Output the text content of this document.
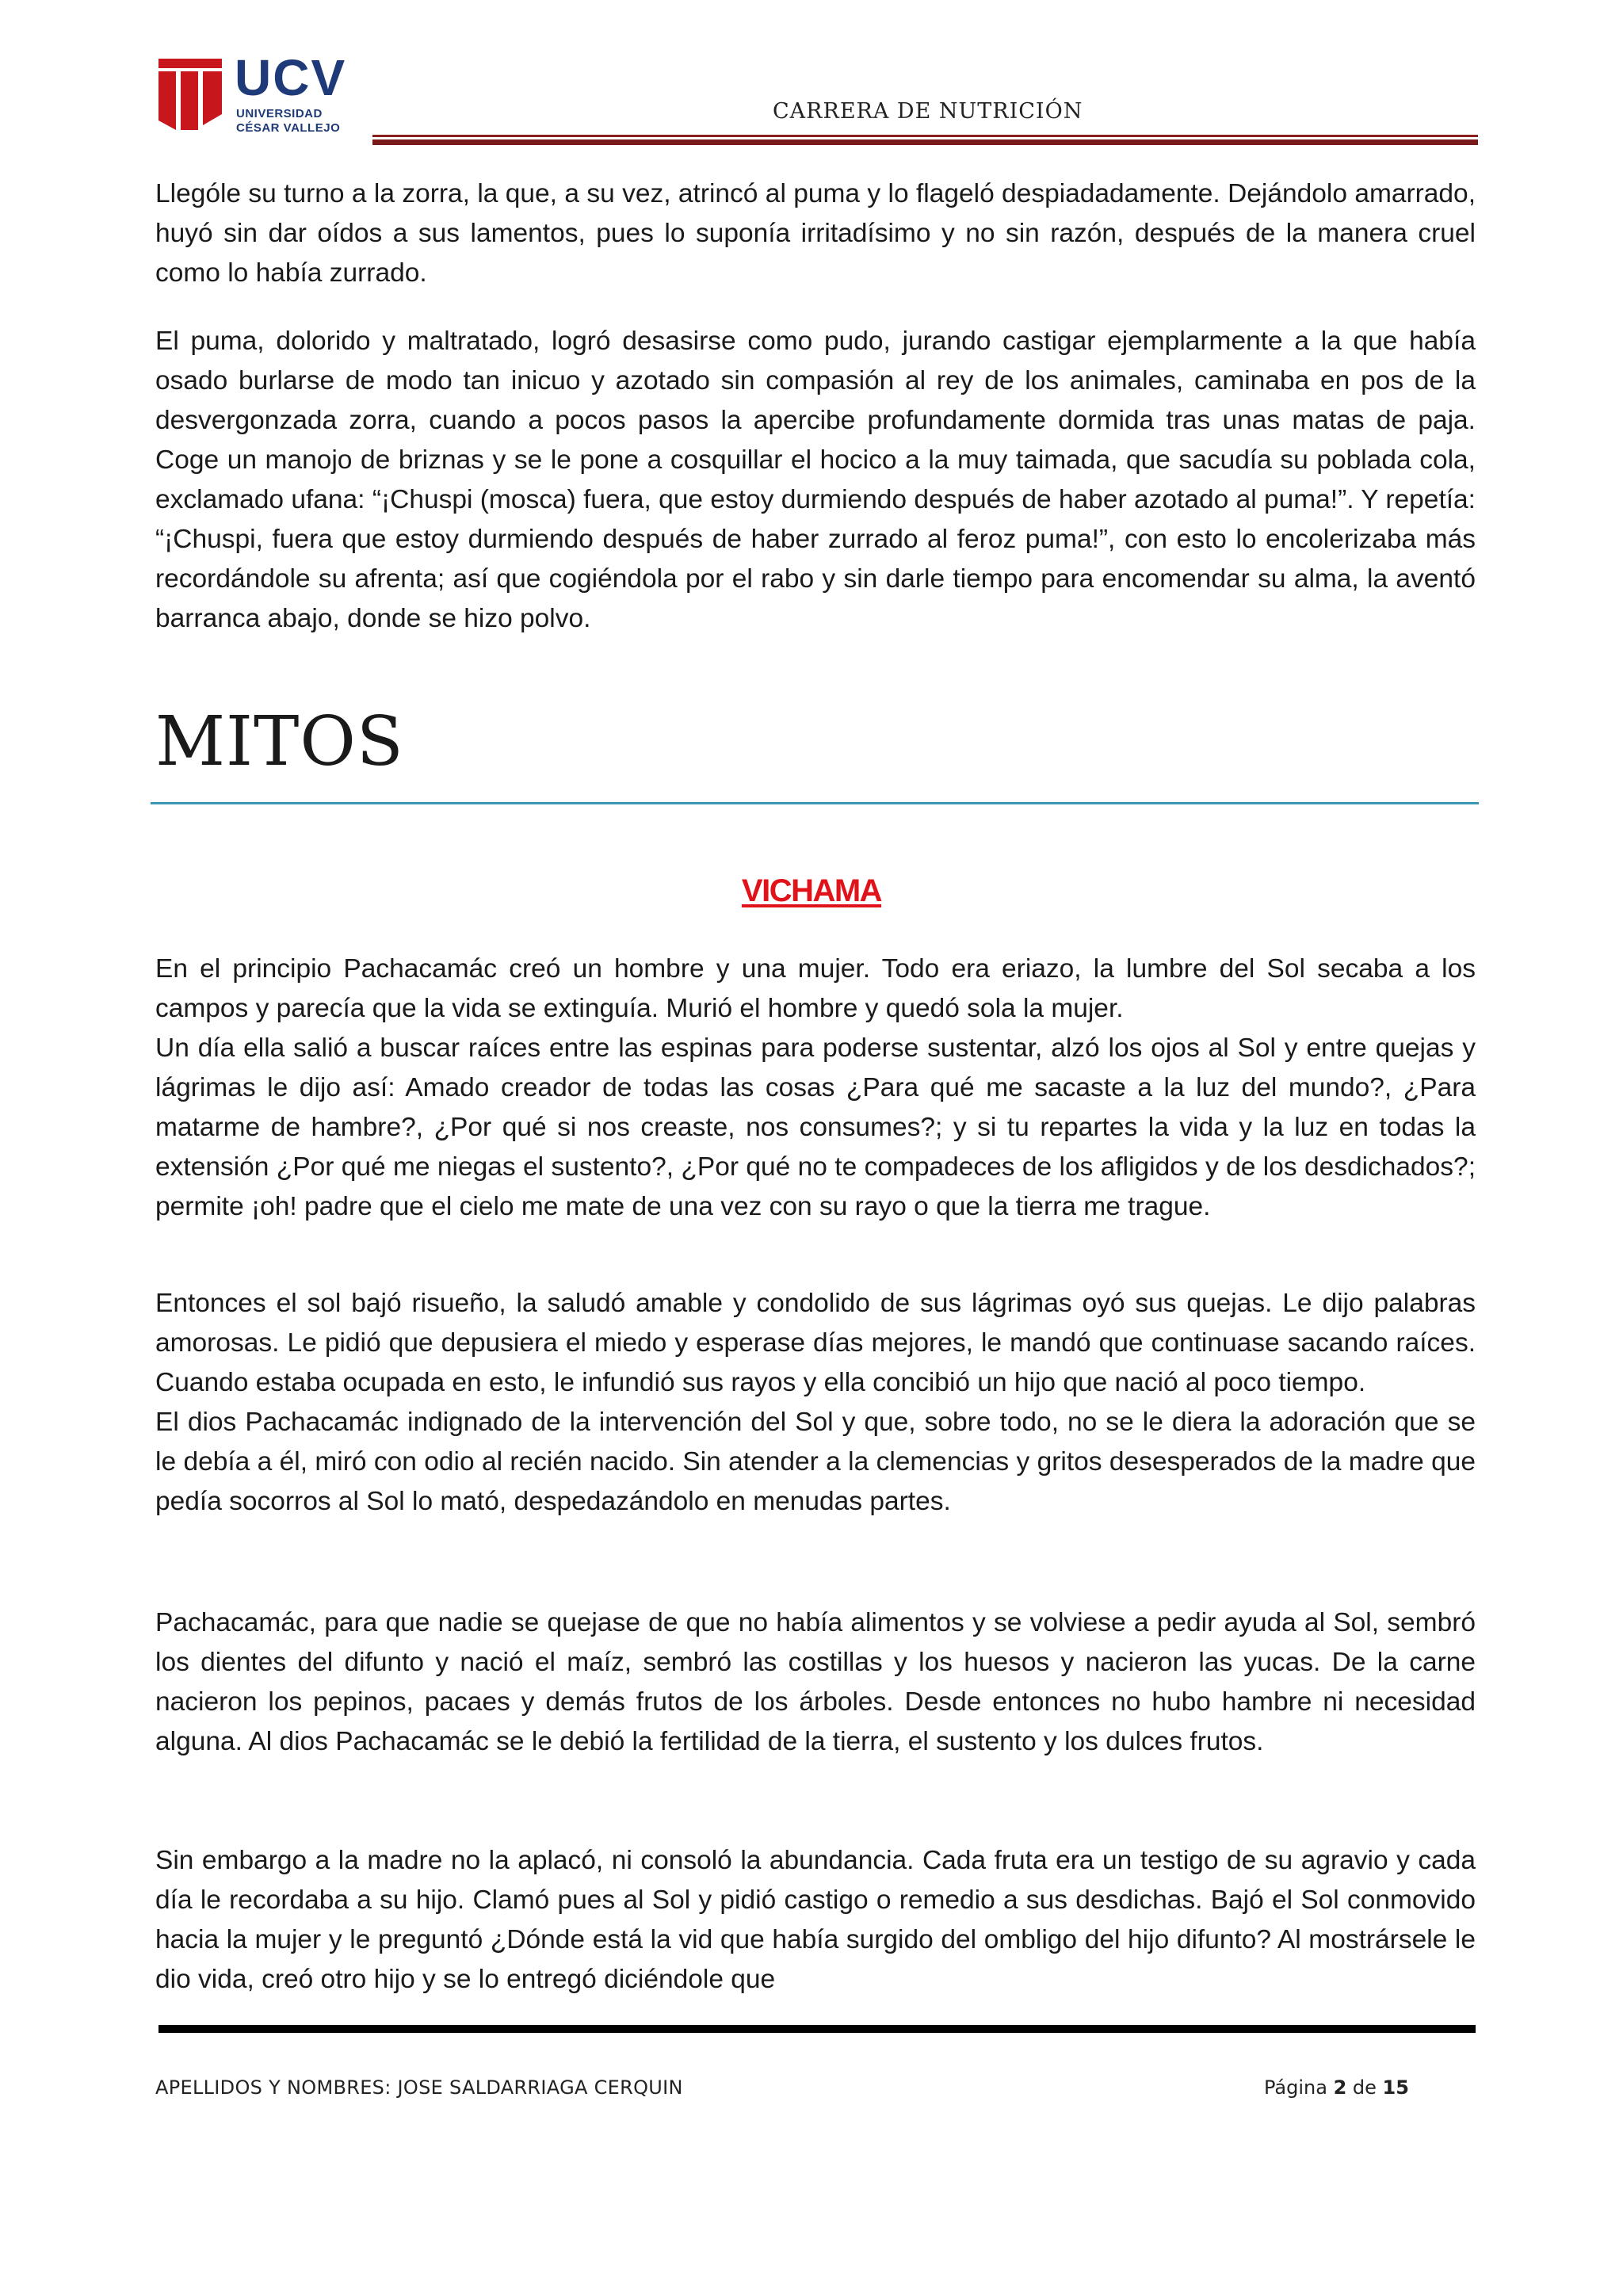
UCV
UNIVERSIDAD
CÉSAR VALLEJO
CARRERA DE NUTRICIÓN

Llególe su turno a la zorra, la que, a su vez, atrincó al puma y lo flageló despiadadamente. Dejándolo amarrado, huyó sin dar oídos a sus lamentos, pues lo suponía irritadísimo y no sin razón, después de la manera cruel como lo había zurrado.

El puma, dolorido y maltratado, logró desasirse como pudo, jurando castigar ejemplarmente a la que había osado burlarse de modo tan inicuo y azotado sin compasión al rey de los animales, caminaba en pos de la desvergonzada zorra, cuando a pocos pasos la apercibe profundamente dormida tras unas matas de paja. Coge un manojo de briznas y se le pone a cosquillar el hocico a la muy taimada, que sacudía su poblada cola, exclamado ufana: “¡Chuspi (mosca) fuera, que estoy durmiendo después de haber azotado al puma!”. Y repetía: “¡Chuspi, fuera que estoy durmiendo después de haber zurrado al feroz puma!”, con esto lo encolerizaba más recordándole su afrenta; así que cogiéndola por el rabo y sin darle tiempo para encomendar su alma, la aventó barranca abajo, donde se hizo polvo.

MITOS
VICHAMA
En el principio Pachacamác creó un hombre y una mujer. Todo era eriazo, la lumbre del Sol secaba a los campos y parecía que la vida se extinguía. Murió el hombre y quedó sola la mujer.
Un día ella salió a buscar raíces entre las espinas para poderse sustentar, alzó los ojos al Sol y entre quejas y lágrimas le dijo así: Amado creador de todas las cosas ¿Para qué me sacaste a la luz del mundo?, ¿Para matarme de hambre?, ¿Por qué si nos creaste, nos consumes?; y si tu repartes la vida y la luz en todas la extensión ¿Por qué me niegas el sustento?, ¿Por qué no te compadeces de los afligidos y de los desdichados?; permite ¡oh! padre que el cielo me mate de una vez con su rayo o que la tierra me trague.
Entonces el sol bajó risueño, la saludó amable y condolido de sus lágrimas oyó sus quejas. Le dijo palabras amorosas. Le pidió que depusiera el miedo y esperase días mejores, le mandó que continuase sacando raíces. Cuando estaba ocupada en esto, le infundió sus rayos y ella concibió un hijo que nació al poco tiempo.
El dios Pachacamác indignado de la intervención del Sol y que, sobre todo, no se le diera la adoración que se le debía a él, miró con odio al recién nacido. Sin atender a la clemencias y gritos desesperados de la madre que pedía socorros al Sol lo mató, despedazándolo en menudas partes.

Pachacamác, para que nadie se quejase de que no había alimentos y se volviese a pedir ayuda al Sol, sembró los dientes del difunto y nació el maíz, sembró las costillas y los huesos y nacieron las yucas. De la carne nacieron los pepinos, pacaes y demás frutos de los árboles. Desde entonces no hubo hambre ni necesidad alguna. Al dios Pachacamác se le debió la fertilidad de la tierra, el sustento y los dulces frutos.

Sin embargo a la madre no la aplacó, ni consoló la abundancia. Cada fruta era un testigo de su agravio y cada día le recordaba a su hijo. Clamó pues al Sol y pidió castigo o remedio a sus desdichas. Bajó el Sol conmovido hacia la mujer y le preguntó ¿Dónde está la vid que había surgido del ombligo del hijo difunto? Al mostrársele le dio vida, creó otro hijo y se lo entregó diciéndole que

APELLIDOS Y NOMBRES: JOSE SALDARRIAGA CERQUIN	Página 2 de 15
